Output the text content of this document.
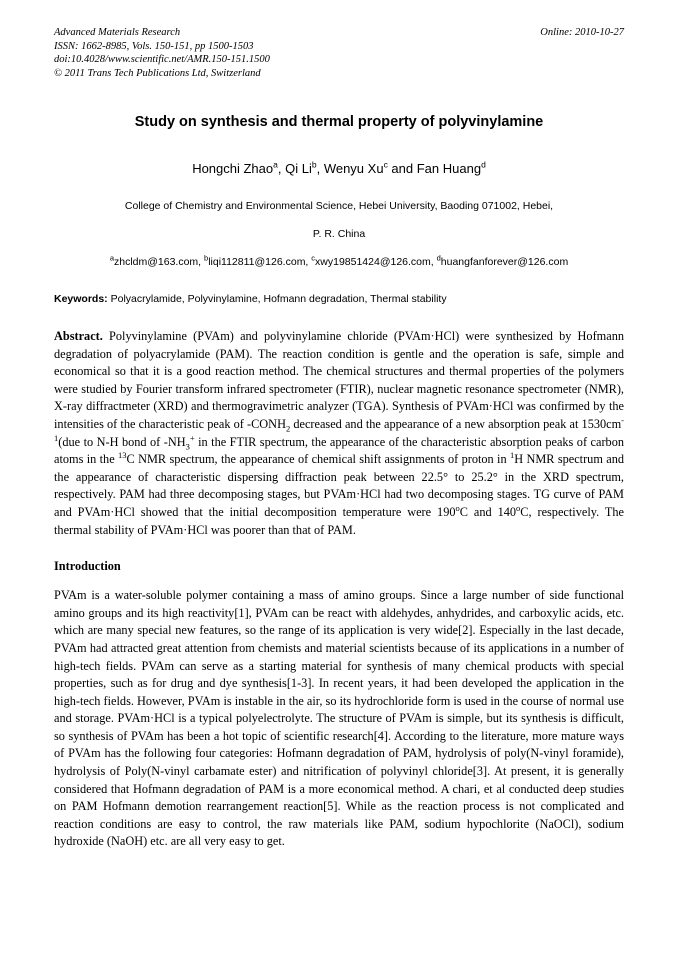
Online: 2010-10-27
Advanced Materials Research
ISSN: 1662-8985, Vols. 150-151, pp 1500-1503
doi:10.4028/www.scientific.net/AMR.150-151.1500
© 2011 Trans Tech Publications Ltd, Switzerland
Study on synthesis and thermal property of polyvinylamine
Hongchi Zhao$^a$, Qi Li$^b$, Wenyu Xu$^c$ and Fan Huang$^d$
College of Chemistry and Environmental Science, Hebei University, Baoding 071002, Hebei,
P. R. China
$^a$zhcldm@163.com, $^b$liqi112811@126.com, $^c$xwy19851424@126.com, $^d$huangfanforever@126.com
Keywords: Polyacrylamide, Polyvinylamine, Hofmann degradation, Thermal stability
Abstract. Polyvinylamine (PVAm) and polyvinylamine chloride (PVAm·HCl) were synthesized by Hofmann degradation of polyacrylamide (PAM). The reaction condition is gentle and the operation is safe, simple and economical so that it is a good reaction method. The chemical structures and thermal properties of the polymers were studied by Fourier transform infrared spectrometer (FTIR), nuclear magnetic resonance spectrometer (NMR), X-ray diffractmeter (XRD) and thermogravimetric analyzer (TGA). Synthesis of PVAm·HCl was confirmed by the intensities of the characteristic peak of $-CONH_2$ decreased and the appearance of a new absorption peak at $1530cm^{-1}(due$ to N-H bond of $-NH_3^+$ in the FTIR spectrum, the appearance of the characteristic absorption peaks of carbon atoms in the $^{13}$C NMR spectrum, the appearance of chemical shift assignments of proton in $^1$H NMR spectrum and the appearance of characteristic dispersing diffraction peak between 22.5° to 25.2° in the XRD spectrum, respectively. PAM had three decomposing stages, but PVAm·HCl had two decomposing stages. TG curve of PAM and PVAm·HCl showed that the initial decomposition temperature were 190$^o$C and 140$^o$C, respectively. The thermal stability of PVAm·HCl was poorer than that of PAM.
Introduction
PVAm is a water-soluble polymer containing a mass of amino groups. Since a large number of side functional amino groups and its high reactivity[1], PVAm can be react with aldehydes, anhydrides, and carboxylic acids, etc. which are many special new features, so the range of its application is very wide[2]. Especially in the last decade, PVAm had attracted great attention from chemists and material scientists because of its applications in a number of high-tech fields. PVAm can serve as a starting material for synthesis of many chemical products with special properties, such as for drug and dye synthesis[1-3]. In recent years, it had been developed the application in the high-tech fields. However, PVAm is instable in the air, so its hydrochloride form is used in the course of normal use and storage. PVAm·HCl is a typical polyelectrolyte. The structure of PVAm is simple, but its synthesis is difficult, so synthesis of PVAm has been a hot topic of scientific research[4]. According to the literature, more mature ways of PVAm has the following four categories: Hofmann degradation of PAM, hydrolysis of poly(N-vinyl foramide), hydrolysis of Poly(N-vinyl carbamate ester) and nitrification of polyvinyl chloride[3]. At present, it is generally considered that Hofmann degradation of PAM is a more economical method. A chari, et al conducted deep studies on PAM Hofmann demotion rearrangement reaction[5]. While as the reaction process is not complicated and reaction conditions are easy to control, the raw materials like PAM, sodium hypochlorite (NaOCl), sodium hydroxide (NaOH) etc. are all very easy to get.
